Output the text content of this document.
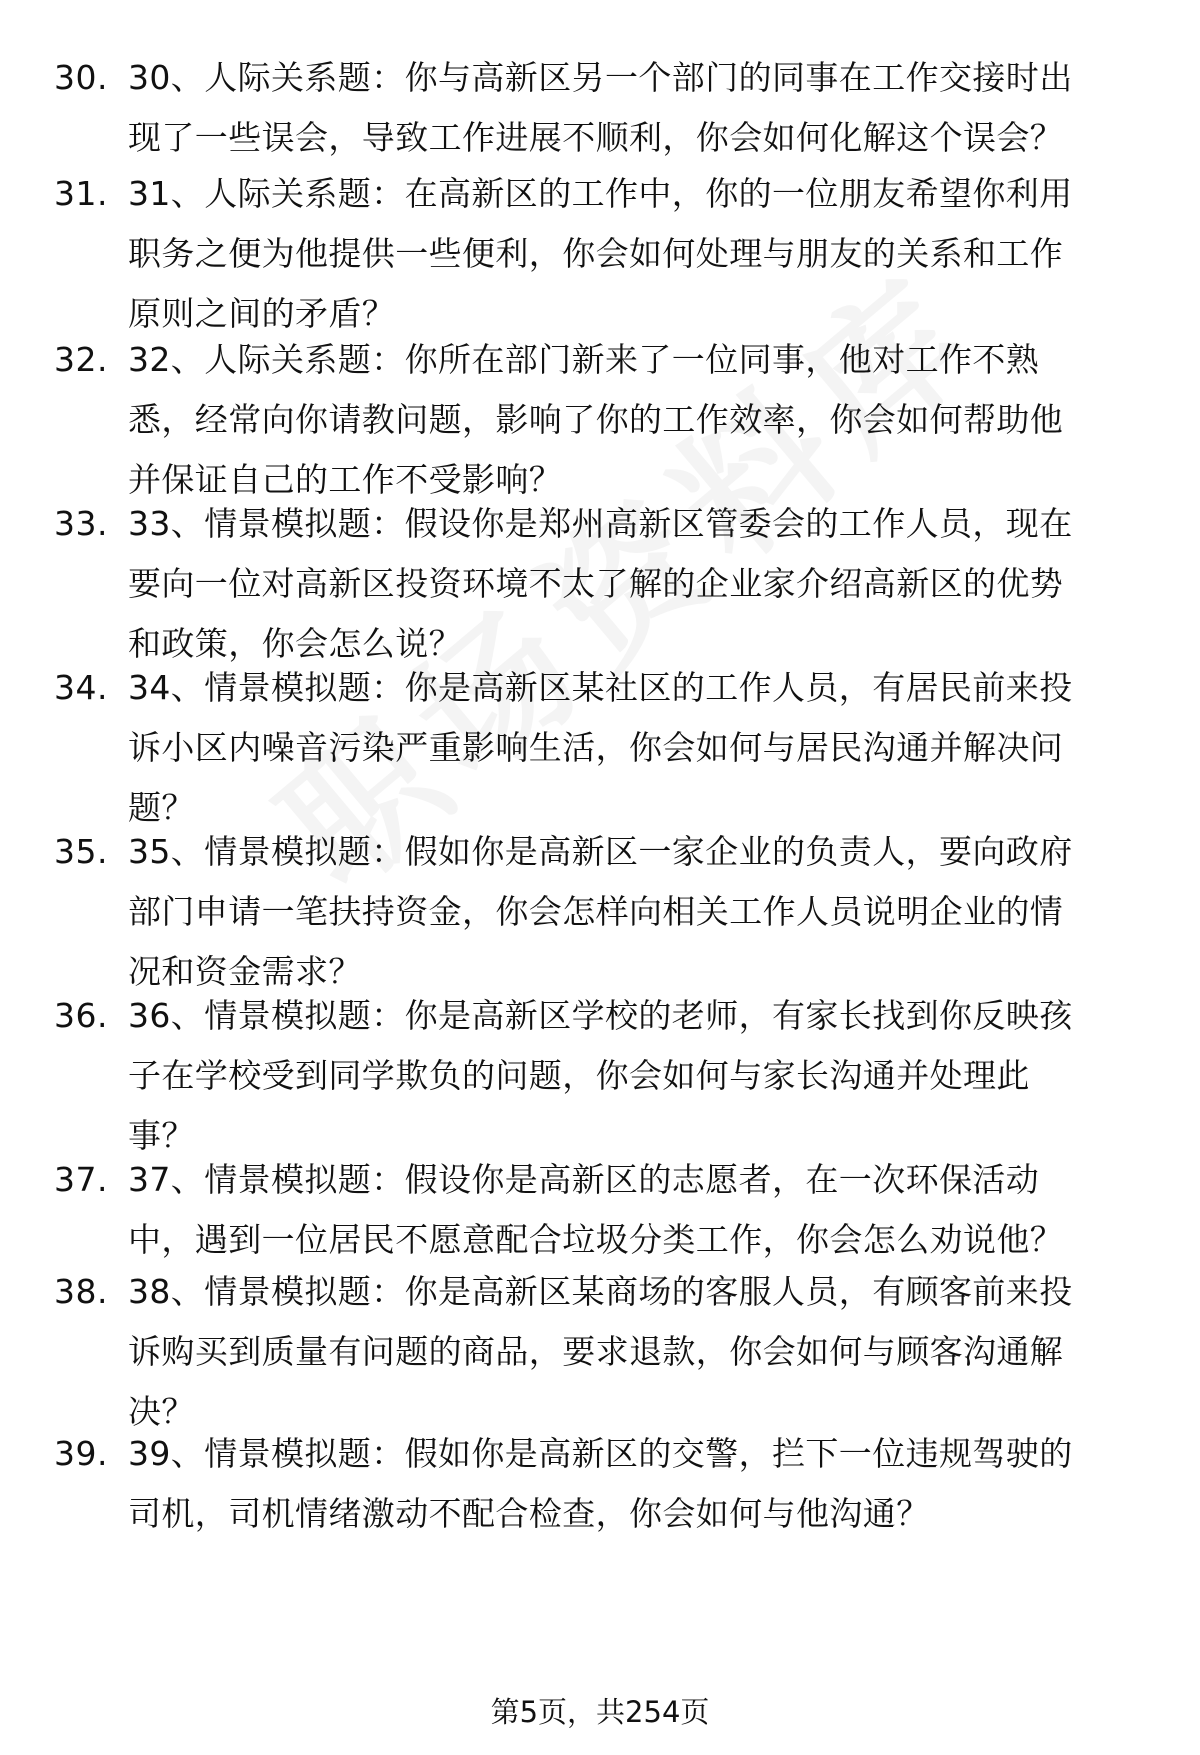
30. 30、人际关系题：你与高新区另一个部门的同事在工作交接时出
现了一些误会，导致工作进展不顺利，你会如何化解这个误会？
31. 31、人际关系题：在高新区的工作中，你的一位朋友希望你利用
职务之便为他提供一些便利，你会如何处理与朋友的关系和工作
原则之间的矛盾？
32. 32、人际关系题：你所在部门新来了一位同事，他对工作不熟
悉，经常向你请教问题，影响了你的工作效率，你会如何帮助他
并保证自己的工作不受影响？
33. 33、情景模拟题：假设你是郑州高新区管委会的工作人员，现在
要向一位对高新区投资环境不太了解的企业家介绍高新区的优势
和政策，你会怎么说？
34. 34、情景模拟题：你是高新区某社区的工作人员，有居民前来投
诉小区内噪音污染严重影响生活，你会如何与居民沟通并解决问
题？
35. 35、情景模拟题：假如你是高新区一家企业的负责人，要向政府
部门申请一笔扶持资金，你会怎样向相关工作人员说明企业的情
况和资金需求？
36. 36、情景模拟题：你是高新区学校的老师，有家长找到你反映孩
子在学校受到同学欺负的问题，你会如何与家长沟通并处理此
事？
37. 37、情景模拟题：假设你是高新区的志愿者，在一次环保活动
中，遇到一位居民不愿意配合垃圾分类工作，你会怎么劝说他？
38. 38、情景模拟题：你是高新区某商场的客服人员，有顾客前来投
诉购买到质量有问题的商品，要求退款，你会如何与顾客沟通解
决？
39. 39、情景模拟题：假如你是高新区的交警，拦下一位违规驾驶的
司机，司机情绪激动不配合检查，你会如何与他沟通？
第5页，共254页
